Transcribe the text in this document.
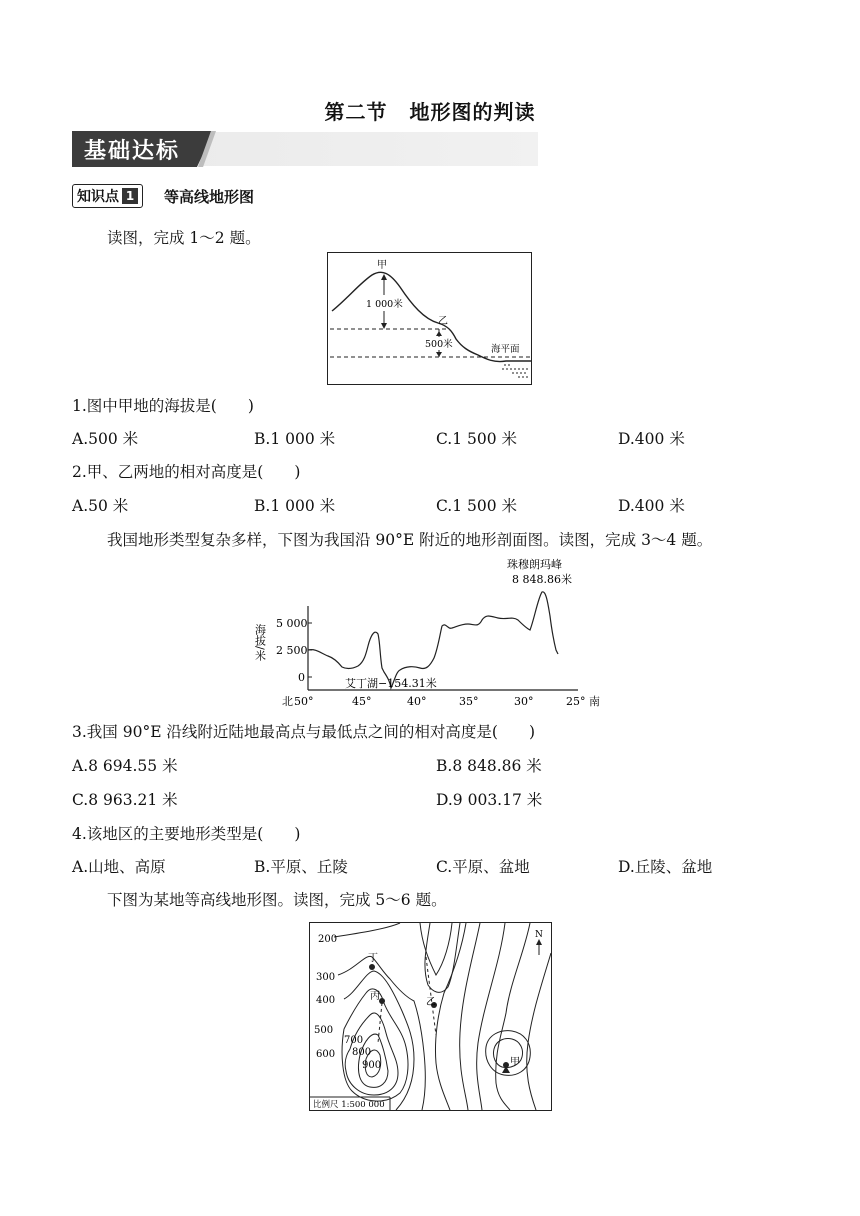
第二节 地形图的判读
基础达标
知识点 1 等高线地形图
读图，完成 1～2 题。
甲
1 000米
乙
500米	海平面
1.图中甲地的海拔是(　　)
A.500 米	B.1 000 米	C.1 500 米	D.400 米
2.甲、乙两地的相对高度是(　　)
A.50 米	B.1 000 米	C.1 500 米	D.400 米
我国地形类型复杂多样，下图为我国沿 90°E 附近的地形剖面图。读图，完成 3～4 题。
珠穆朗玛峰
8 848.86米
5 000
2 500
0
海拔/米
艾丁湖−154.31米
北 50°	45°	40°	35°	30°	25° 南
3.我国 90°E 沿线附近陆地最高点与最低点之间的相对高度是(　　)
A.8 694.55 米	B.8 848.86 米
C.8 963.21 米	D.9 003.17 米
4.该地区的主要地形类型是(　　)
A.山地、高原	B.平原、丘陵	C.平原、盆地	D.丘陵、盆地
下图为某地等高线地形图。读图，完成 5～6 题。
丁
丙
乙
甲
200
300
400
500
600
700
800
900
N
比例尺 1:500 000
